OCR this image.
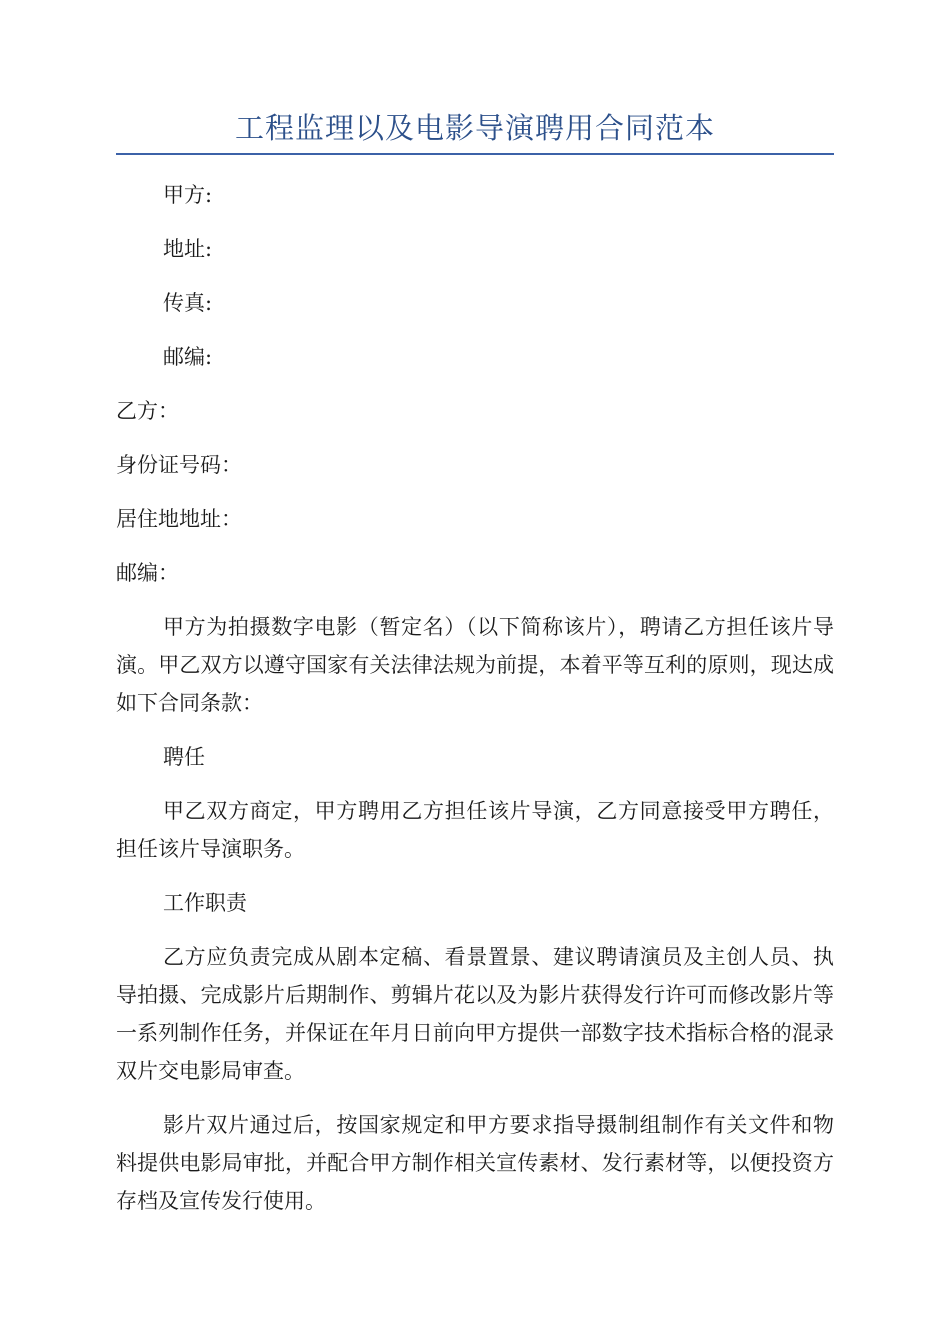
工程监理以及电影导演聘用合同范本

甲方:

地址:

传真:

邮编:

乙方：

身份证号码：

居住地地址：

邮编：

甲方为拍摄数字电影（暂定名）（以下简称该片），聘请乙方担任该片导演。甲乙双方以遵守国家有关法律法规为前提，本着平等互利的原则，现达成如下合同条款：

聘任

甲乙双方商定，甲方聘用乙方担任该片导演，乙方同意接受甲方聘任，担任该片导演职务。

工作职责

乙方应负责完成从剧本定稿、看景置景、建议聘请演员及主创人员、执导拍摄、完成影片后期制作、剪辑片花以及为影片获得发行许可而修改影片等一系列制作任务，并保证在年月日前向甲方提供一部数字技术指标合格的混录双片交电影局审查。

影片双片通过后，按国家规定和甲方要求指导摄制组制作有关文件和物料提供电影局审批，并配合甲方制作相关宣传素材、发行素材等，以便投资方存档及宣传发行使用。
